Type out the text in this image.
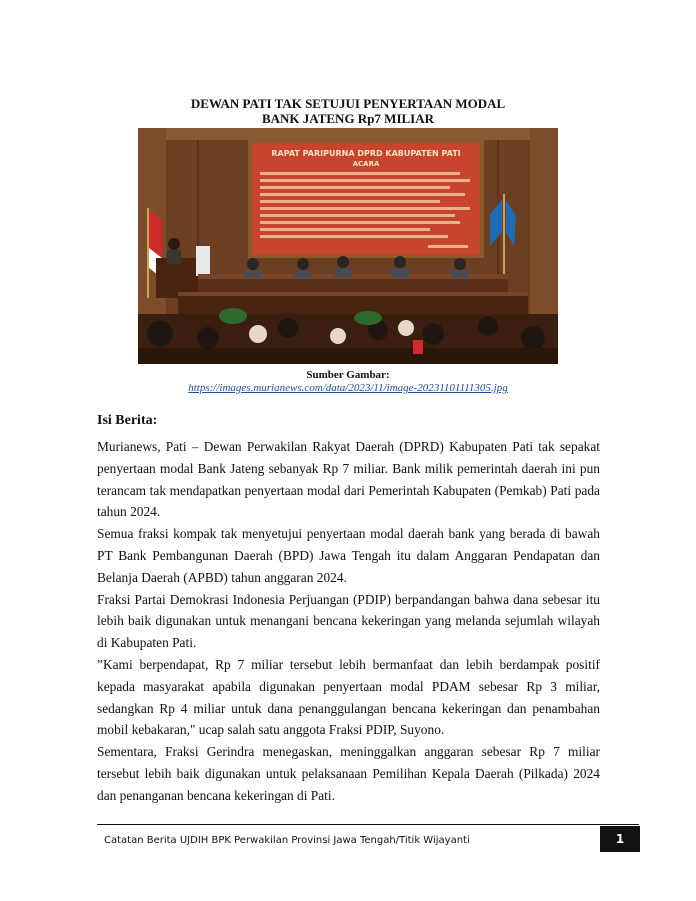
DEWAN PATI TAK SETUJUI PENYERTAAN MODAL
BANK JATENG Rp7 MILIAR
RAPAT PARIPURNA DPRD KABUPATEN PATI
ACARA
Sumber Gambar:
https://images.murianews.com/data/2023/11/image-20231101111305.jpg
Isi Berita:

Murianews, Pati – Dewan Perwakilan Rakyat Daerah (DPRD) Kabupaten Pati tak sepakat penyertaan modal Bank Jateng sebanyak Rp 7 miliar. Bank milik pemerintah daerah ini pun terancam tak mendapatkan penyertaan modal dari Pemerintah Kabupaten (Pemkab) Pati pada tahun 2024.

Semua fraksi kompak tak menyetujui penyertaan modal daerah bank yang berada di bawah PT Bank Pembangunan Daerah (BPD) Jawa Tengah itu dalam Anggaran Pendapatan dan Belanja Daerah (APBD) tahun anggaran 2024.

Fraksi Partai Demokrasi Indonesia Perjuangan (PDIP) berpandangan bahwa dana sebesar itu lebih baik digunakan untuk menangani bencana kekeringan yang melanda sejumlah wilayah di Kabupaten Pati.

”Kami berpendapat, Rp 7 miliar tersebut lebih bermanfaat dan lebih berdampak positif kepada masyarakat apabila digunakan penyertaan modal PDAM sebesar Rp 3 miliar, sedangkan Rp 4 miliar untuk dana penanggulangan bencana kekeringan dan penambahan mobil kebakaran," ucap salah satu anggota Fraksi PDIP, Suyono.

Sementara, Fraksi Gerindra menegaskan, meninggalkan anggaran sebesar Rp 7 miliar tersebut lebih baik digunakan untuk pelaksanaan Pemilihan Kepala Daerah (Pilkada) 2024 dan penanganan bencana kekeringan di Pati.

Catatan Berita UJDIH BPK Perwakilan Provinsi Jawa Tengah/Titik Wijayanti	1
